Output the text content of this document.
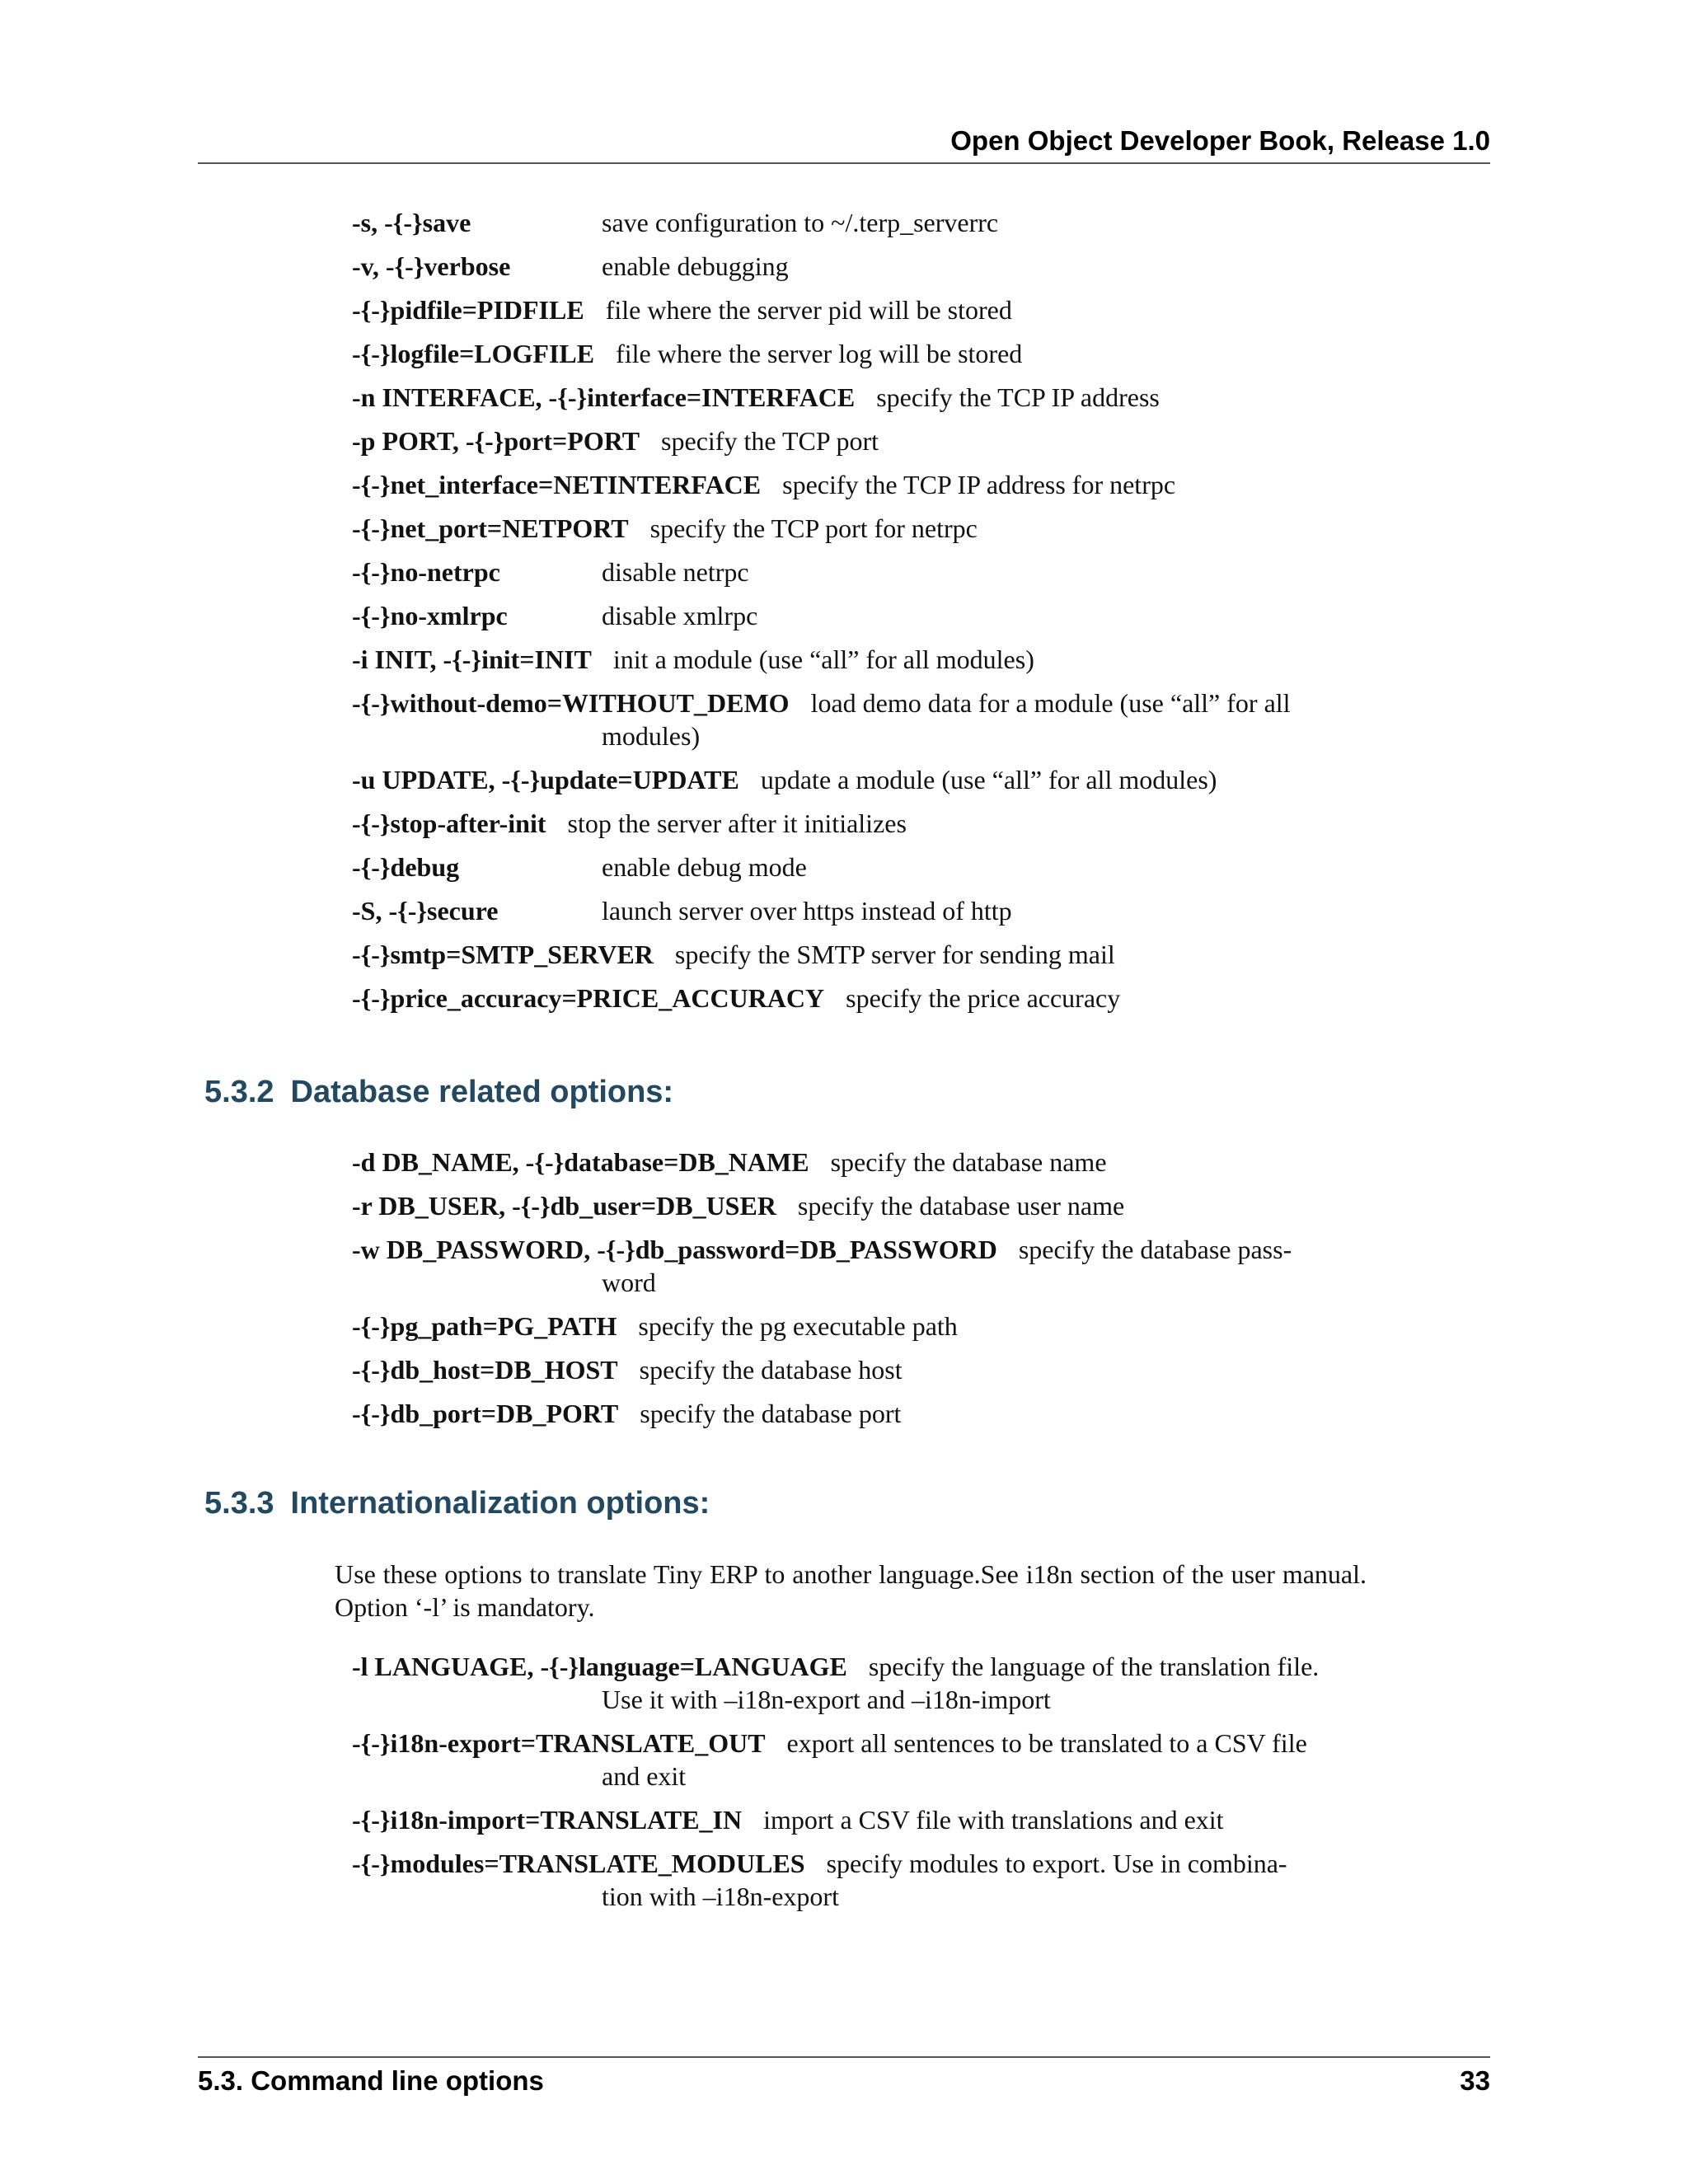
Open Object Developer Book, Release 1.0
-s, -{-}save	save configuration to ~/.terp_serverrc
-v, -{-}verbose	enable debugging
-{-}pidfile=PIDFILE file where the server pid will be stored
-{-}logfile=LOGFILE file where the server log will be stored
-n INTERFACE, -{-}interface=INTERFACE specify the TCP IP address
-p PORT, -{-}port=PORT specify the TCP port
-{-}net_interface=NETINTERFACE specify the TCP IP address for netrpc
-{-}net_port=NETPORT specify the TCP port for netrpc
-{-}no-netrpc	disable netrpc
-{-}no-xmlrpc	disable xmlrpc
-i INIT, -{-}init=INIT init a module (use “all” for all modules)
-{-}without-demo=WITHOUT_DEMO load demo data for a module (use “all” for all
modules)
-u UPDATE, -{-}update=UPDATE update a module (use “all” for all modules)
-{-}stop-after-init stop the server after it initializes
-{-}debug	enable debug mode
-S, -{-}secure	launch server over https instead of http
-{-}smtp=SMTP_SERVER specify the SMTP server for sending mail
-{-}price_accuracy=PRICE_ACCURACY specify the price accuracy
5.3.2 Database related options:
-d DB_NAME, -{-}database=DB_NAME specify the database name
-r DB_USER, -{-}db_user=DB_USER specify the database user name
-w DB_PASSWORD, -{-}db_password=DB_PASSWORD specify the database pass-
word
-{-}pg_path=PG_PATH specify the pg executable path
-{-}db_host=DB_HOST specify the database host
-{-}db_port=DB_PORT specify the database port
5.3.3 Internationalization options:
Use these options to translate Tiny ERP to another language.See i18n section of the user manual. Option ‘-l’ is mandatory.
-l LANGUAGE, -{-}language=LANGUAGE specify the language of the translation file.
Use it with –i18n-export and –i18n-import
-{-}i18n-export=TRANSLATE_OUT export all sentences to be translated to a CSV file
and exit
-{-}i18n-import=TRANSLATE_IN import a CSV file with translations and exit
-{-}modules=TRANSLATE_MODULES specify modules to export. Use in combina-
tion with –i18n-export
5.3. Command line options	33
